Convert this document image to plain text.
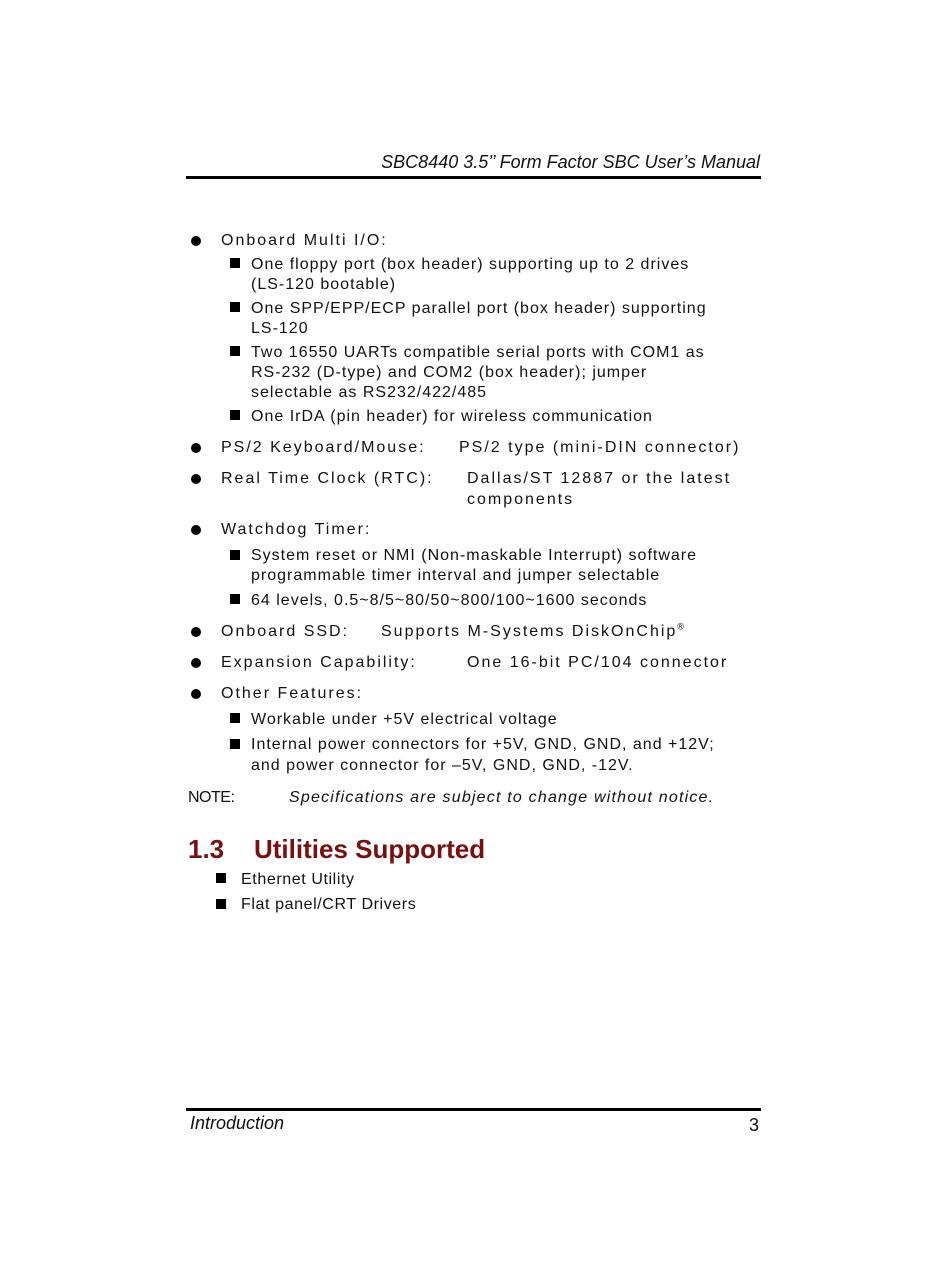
SBC8440 3.5’’ Form Factor SBC User’s Manual
Onboard Multi I/O:
One floppy port (box header) supporting up to 2 drives
(LS-120 bootable)
One SPP/EPP/ECP parallel port (box header) supporting
LS-120
Two 16550 UARTs compatible serial ports with COM1 as
RS-232 (D-type) and COM2 (box header); jumper
selectable as RS232/422/485
One IrDA (pin header) for wireless communication
PS/2 Keyboard/Mouse: PS/2 type (mini-DIN connector)
Real Time Clock (RTC): Dallas/ST 12887 or the latest
components
Watchdog Timer:
System reset or NMI (Non-maskable Interrupt) software
programmable timer interval and jumper selectable
64 levels, 0.5~8/5~80/50~800/100~1600 seconds
Onboard SSD: Supports M-Systems DiskOnChip®
Expansion Capability:	One 16-bit PC/104 connector
Other Features:
Workable under +5V electrical voltage
Internal power connectors for +5V, GND, GND, and +12V;
and power connector for –5V, GND, GND, -12V.
NOTE:	Specifications are subject to change without notice.
1.3 Utilities Supported
Ethernet Utility
Flat panel/CRT Drivers
Introduction	3
